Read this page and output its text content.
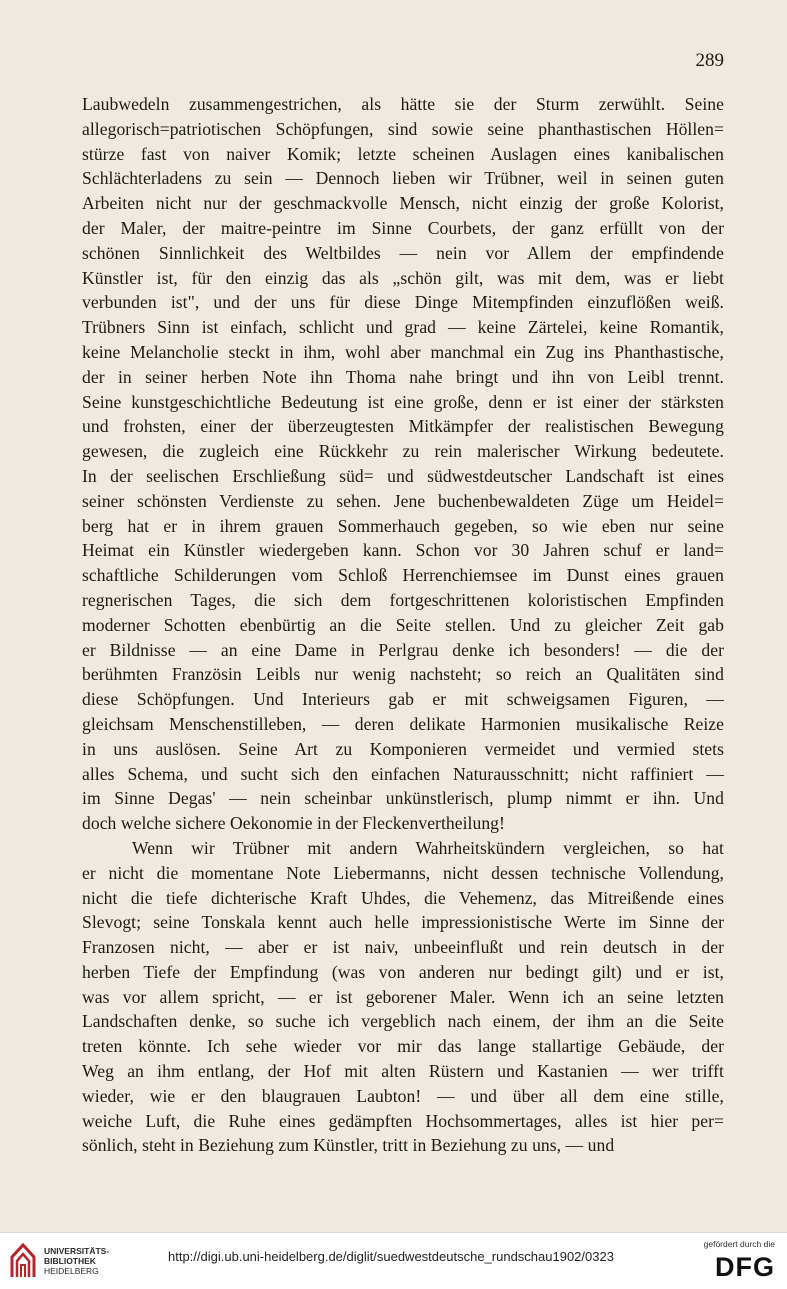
289
Laubwedeln zusammengestrichen, als hätte sie der Sturm zerwühlt. Seine
allegorisch=patriotischen Schöpfungen, sind sowie seine phanthastischen Höllen=
stürze fast von naiver Komik; letzte scheinen Auslagen eines kanibalischen
Schlächterladens zu sein — Dennoch lieben wir Trübner, weil in seinen guten
Arbeiten nicht nur der geschmackvolle Mensch, nicht einzig der große Kolorist,
der Maler, der maitre-peintre im Sinne Courbets, der ganz erfüllt von der
schönen Sinnlichkeit des Weltbildes — nein vor Allem der empfindende
Künstler ist, für den einzig das als „schön gilt, was mit dem, was er liebt
verbunden ist", und der uns für diese Dinge Mitempfinden einzuflößen weiß.
Trübners Sinn ist einfach, schlicht und grad — keine Zärtelei, keine Romantik,
keine Melancholie steckt in ihm, wohl aber manchmal ein Zug ins Phanthastische,
der in seiner herben Note ihn Thoma nahe bringt und ihn von Leibl trennt.
Seine kunstgeschichtliche Bedeutung ist eine große, denn er ist einer der stärksten
und frohsten, einer der überzeugtesten Mitkämpfer der realistischen Bewegung
gewesen, die zugleich eine Rückkehr zu rein malerischer Wirkung bedeutete.
In der seelischen Erschließung süd= und südwestdeutscher Landschaft ist eines
seiner schönsten Verdienste zu sehen. Jene buchenbewaldeten Züge um Heidel=
berg hat er in ihrem grauen Sommerhauch gegeben, so wie eben nur seine
Heimat ein Künstler wiedergeben kann. Schon vor 30 Jahren schuf er land=
schaftliche Schilderungen vom Schloß Herrenchiemsee im Dunst eines grauen
regnerischen Tages, die sich dem fortgeschrittenen koloristischen Empfinden
moderner Schotten ebenbürtig an die Seite stellen. Und zu gleicher Zeit gab
er Bildnisse — an eine Dame in Perlgrau denke ich besonders! — die der
berühmten Französin Leibls nur wenig nachsteht; so reich an Qualitäten sind
diese Schöpfungen. Und Interieurs gab er mit schweigsamen Figuren, —
gleichsam Menschenstilleben, — deren delikate Harmonien musikalische Reize
in uns auslösen. Seine Art zu Komponieren vermeidet und vermied stets
alles Schema, und sucht sich den einfachen Naturausschnitt; nicht raffiniert —
im Sinne Degas' — nein scheinbar unkünstlerisch, plump nimmt er ihn. Und
doch welche sichere Oekonomie in der Fleckenvertheilung!
Wenn wir Trübner mit andern Wahrheitskündern vergleichen, so hat
er nicht die momentane Note Liebermanns, nicht dessen technische Vollendung,
nicht die tiefe dichterische Kraft Uhdes, die Vehemenz, das Mitreißende eines
Slevogt; seine Tonskala kennt auch helle impressionistische Werte im Sinne der
Franzosen nicht, — aber er ist naiv, unbeeinflußt und rein deutsch in der
herben Tiefe der Empfindung (was von anderen nur bedingt gilt) und er ist,
was vor allem spricht, — er ist geborener Maler. Wenn ich an seine letzten
Landschaften denke, so suche ich vergeblich nach einem, der ihm an die Seite
treten könnte. Ich sehe wieder vor mir das lange stallartige Gebäude, der
Weg an ihm entlang, der Hof mit alten Rüstern und Kastanien — wer trifft
wieder, wie er den blaugrauen Laubton! — und über all dem eine stille,
weiche Luft, die Ruhe eines gedämpften Hochsommertages, alles ist hier per=
sönlich, steht in Beziehung zum Künstler, tritt in Beziehung zu uns, — und
UNIVERSITÄTS-
BIBLIOTHEK
HEIDELBERG
http://digi.ub.uni-heidelberg.de/diglit/suedwestdeutsche_rundschau1902/0323
gefördert durch die
DFG
